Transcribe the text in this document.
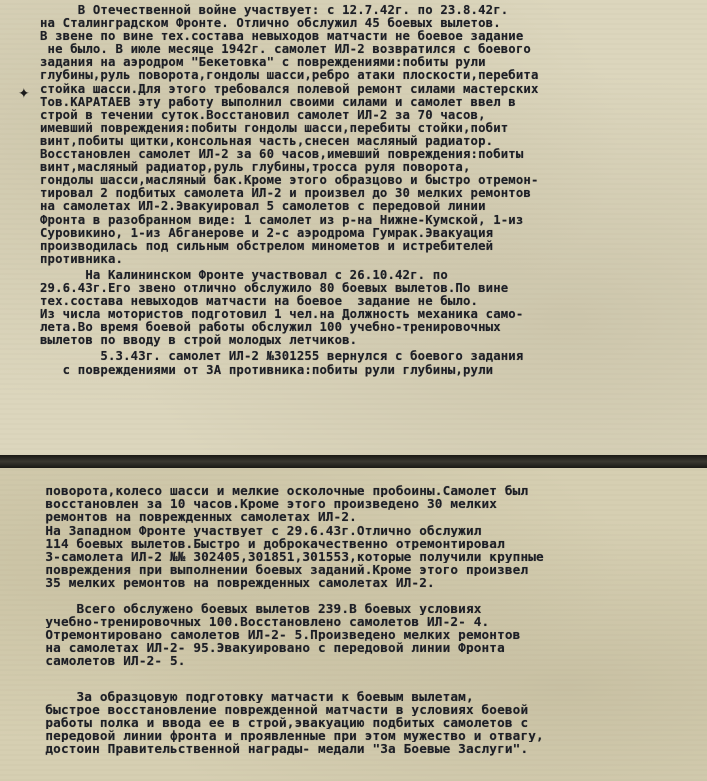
✦
В Отечественной войне участвует: с 12.7.42г. по 23.8.42г.
на Сталинградском Фронте. Отлично обслужил 45 боевых вылетов.
В звене по вине тех.состава невыходов матчасти не боевое задание
не было. В июле месяце 1942г. самолет ИЛ-2 возвратился с боевого
задания на аэродром "Бекетовка" с повреждениями:побиты рули
глубины,руль поворота,гондолы шасси,ребро атаки плоскости,перебита
стойка шасси.Для этого требовался полевой ремонт силами мастерских
Тов.КАРАТАЕВ эту работу выполнил своими силами и самолет ввел в
строй в течении суток.Восстановил самолет ИЛ-2 за 70 часов,
имевший повреждения:побиты гондолы шасси,перебиты стойки,побит
винт,побиты щитки,консольная часть,снесен масляный радиатор.
Восстановлен самолет ИЛ-2 за 60 часов,имевший повреждения:побиты
винт,масляный радиатор,руль глубины,тросса руля поворота,
гондолы шасси,масляный бак.Кроме этого образцово и быстро отремон-
тировал 2 подбитых самолета ИЛ-2 и произвел до 30 мелких ремонтов
на самолетах ИЛ-2.Эвакуировал 5 самолетов с передовой линии
Фронта в разобранном виде: 1 самолет из р-на Нижне-Кумской, 1-из
Суровикино, 1-из Абганерове и 2-с аэродрома Гумрак.Эвакуация
производилась под сильным обстрелом минометов и истребителей
противника.
На Калининском Фронте участвовал с 26.10.42г. по
29.6.43г.Его звено отлично обслужило 80 боевых вылетов.По вине
тех.состава невыходов матчасти на боевое  задание не было.
Из числа мотористов подготовил 1 чел.на Должность механика само-
лета.Во время боевой работы обслужил 100 учебно-тренировочных
вылетов по вводу в строй молодых летчиков.
5.3.43г. самолет ИЛ-2 №301255 вернулся с боевого задания
с повреждениями от ЗА противника:побиты рули глубины,рули
поворота,колесо шасси и мелкие осколочные пробоины.Самолет был
восстановлен за 10 часов.Кроме этого произведено 30 мелких
ремонтов на поврежденных самолетах ИЛ-2.
На Западном Фронте участвует с 29.6.43г.Отлично обслужил
114 боевых вылетов.Быстро и доброкачественно отремонтировал
3-самолета ИЛ-2 №№ 302405,301851,301553,которые получили крупные
повреждения при выполнении боевых заданий.Кроме этого произвел
35 мелких ремонтов на поврежденных самолетах ИЛ-2.
Всего обслужено боевых вылетов 239.В боевых условиях
учебно-тренировочных 100.Восстановлено самолетов ИЛ-2- 4.
Отремонтировано самолетов ИЛ-2- 5.Произведено мелких ремонтов
на самолетах ИЛ-2- 95.Эвакуировано с передовой линии Фронта
самолетов ИЛ-2- 5.
За образцовую подготовку матчасти к боевым вылетам,
быстрое восстановление поврежденной матчасти в условиях боевой
работы полка и ввода ее в строй,эвакуацию подбитых самолетов с
передовой линии фронта и проявленные при этом мужество и отвагу,
достоин Правительственной награды- медали "За Боевые Заслуги".
